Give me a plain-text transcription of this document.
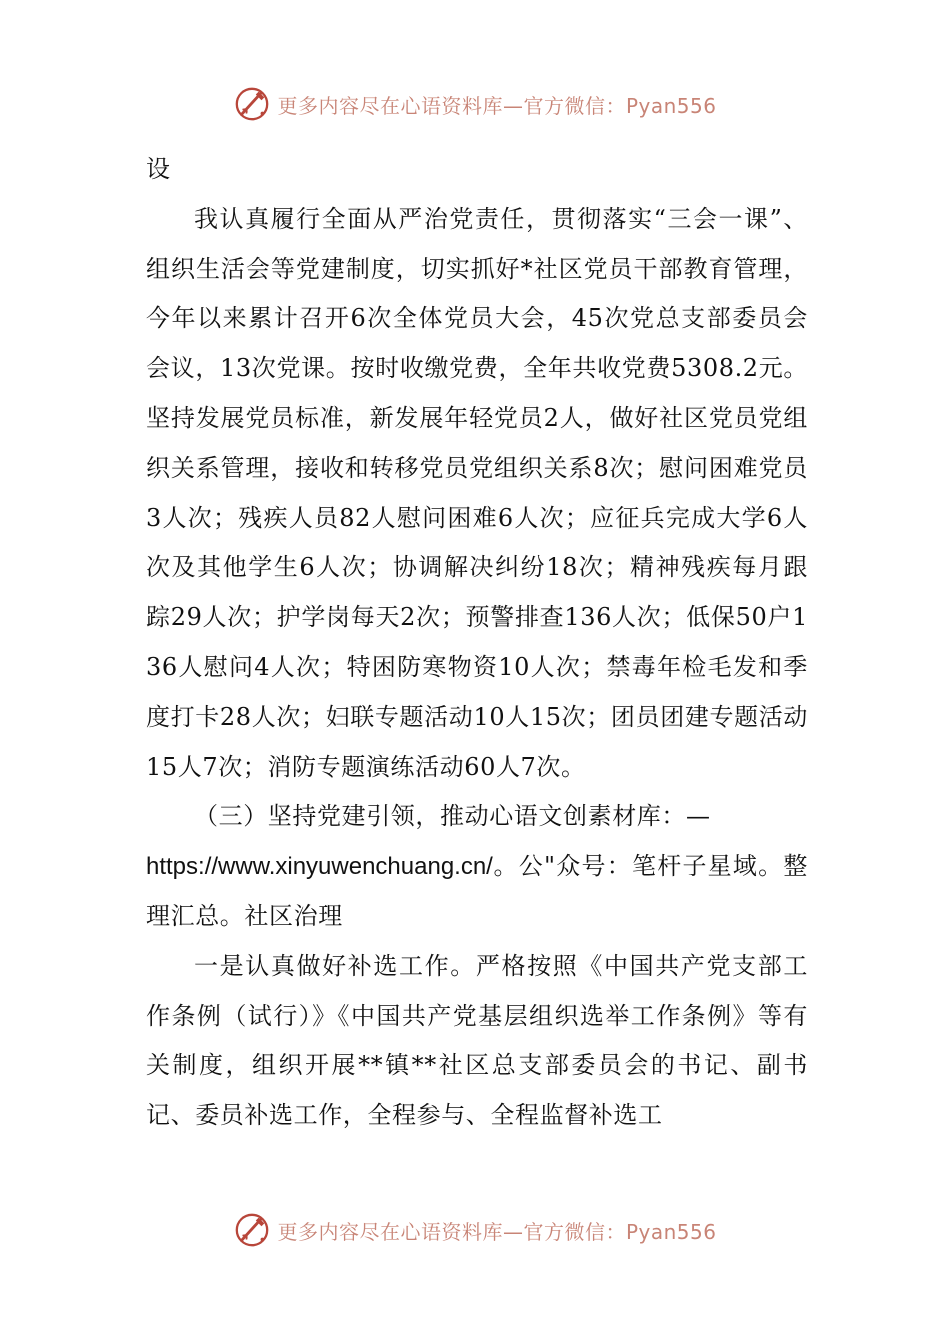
更多内容尽在心语资料库—官方微信：Pyan556

设

我认真履行全面从严治党责任，贯彻落实“三会一课”、组织生活会等党建制度，切实抓好*社区党员干部教育管理，今年以来累计召开6次全体党员大会，45次党总支部委员会会议，13次党课。按时收缴党费，全年共收党费5308.2元。坚持发展党员标准，新发展年轻党员2人，做好社区党员党组织关系管理，接收和转移党员党组织关系8次；慰问困难党员3人次；残疾人员82人慰问困难6人次；应征兵完成大学6人次及其他学生6人次；协调解决纠纷18次；精神残疾每月跟踪29人次；护学岗每天2次；预警排查136人次；低保50户136人慰问4人次；特困防寒物资10人次；禁毒年检毛发和季度打卡28人次；妇联专题活动10人15次；团员团建专题活动15人7次；消防专题演练活动60人7次。

（三）坚持党建引领，推动心语文创素材库：—

https://www.xinyuwenchuang.cn/。公"众号：笔杆子星域。整理汇总。社区治理

一是认真做好补选工作。严格按照《中国共产党支部工作条例（试行）》《中国共产党基层组织选举工作条例》等有关制度，组织开展**镇**社区总支部委员会的书记、副书记、委员补选工作，全程参与、全程监督补选工

更多内容尽在心语资料库—官方微信：Pyan556
